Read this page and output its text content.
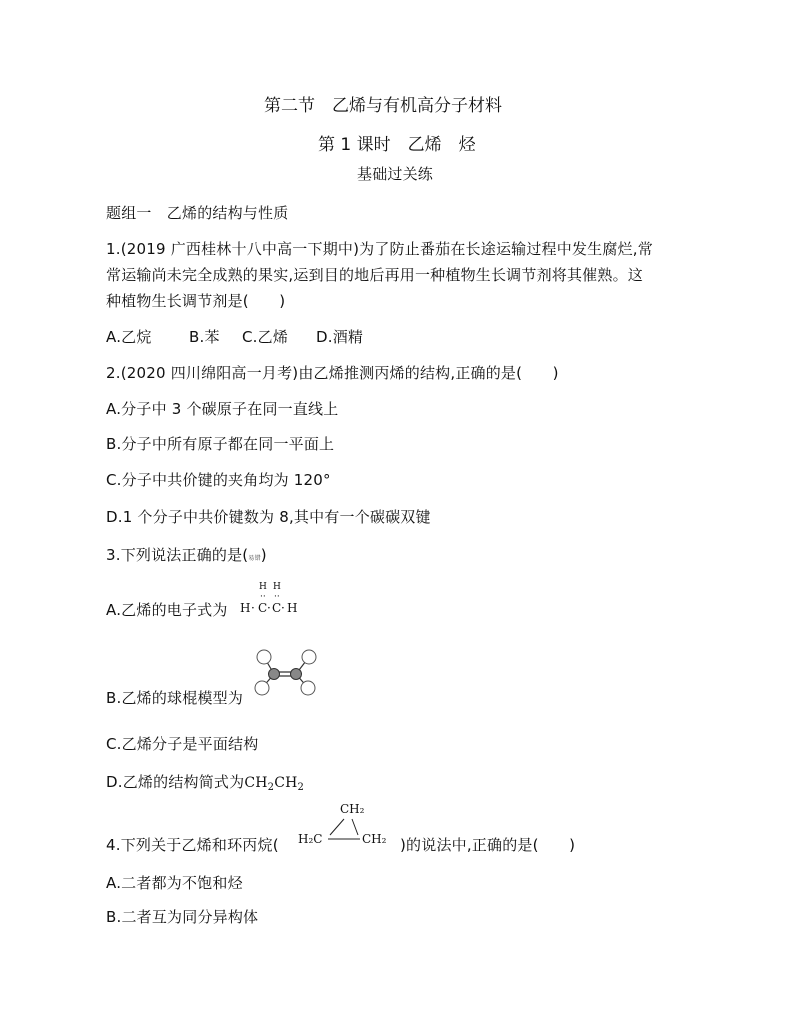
第二节　乙烯与有机高分子材料
第 1 课时　乙烯　烃
基础过关练
题组一　乙烯的结构与性质
1.(2019 广西桂林十八中高一下期中)为了防止番茄在长途运输过程中发生腐烂,常
常运输尚未完全成熟的果实,运到目的地后再用一种植物生长调节剂将其催熟。这
种植物生长调节剂是(　　)
A.乙烷 B.苯 C.乙烯 D.酒精
2.(2020 四川绵阳高一月考)由乙烯推测丙烯的结构,正确的是(　　)
A.分子中 3 个碳原子在同一直线上
B.分子中所有原子都在同一平面上
C.分子中共价键的夹角均为 120°
D.1 个分子中共价键数为 8,其中有一个碳碳双键
3.下列说法正确的是(易错)
A.乙烯的电子式为
H H
H · C
··
· C
··
· H
B.乙烯的球棍模型为
C.乙烯分子是平面结构
D.乙烯的结构简式为$CH_2CH_2$
4.下列关于乙烯和环丙烷(
CH₂
H₂C	CH₂ )的说法中,正确的是(　　)
A.二者都为不饱和烃
B.二者互为同分异构体
